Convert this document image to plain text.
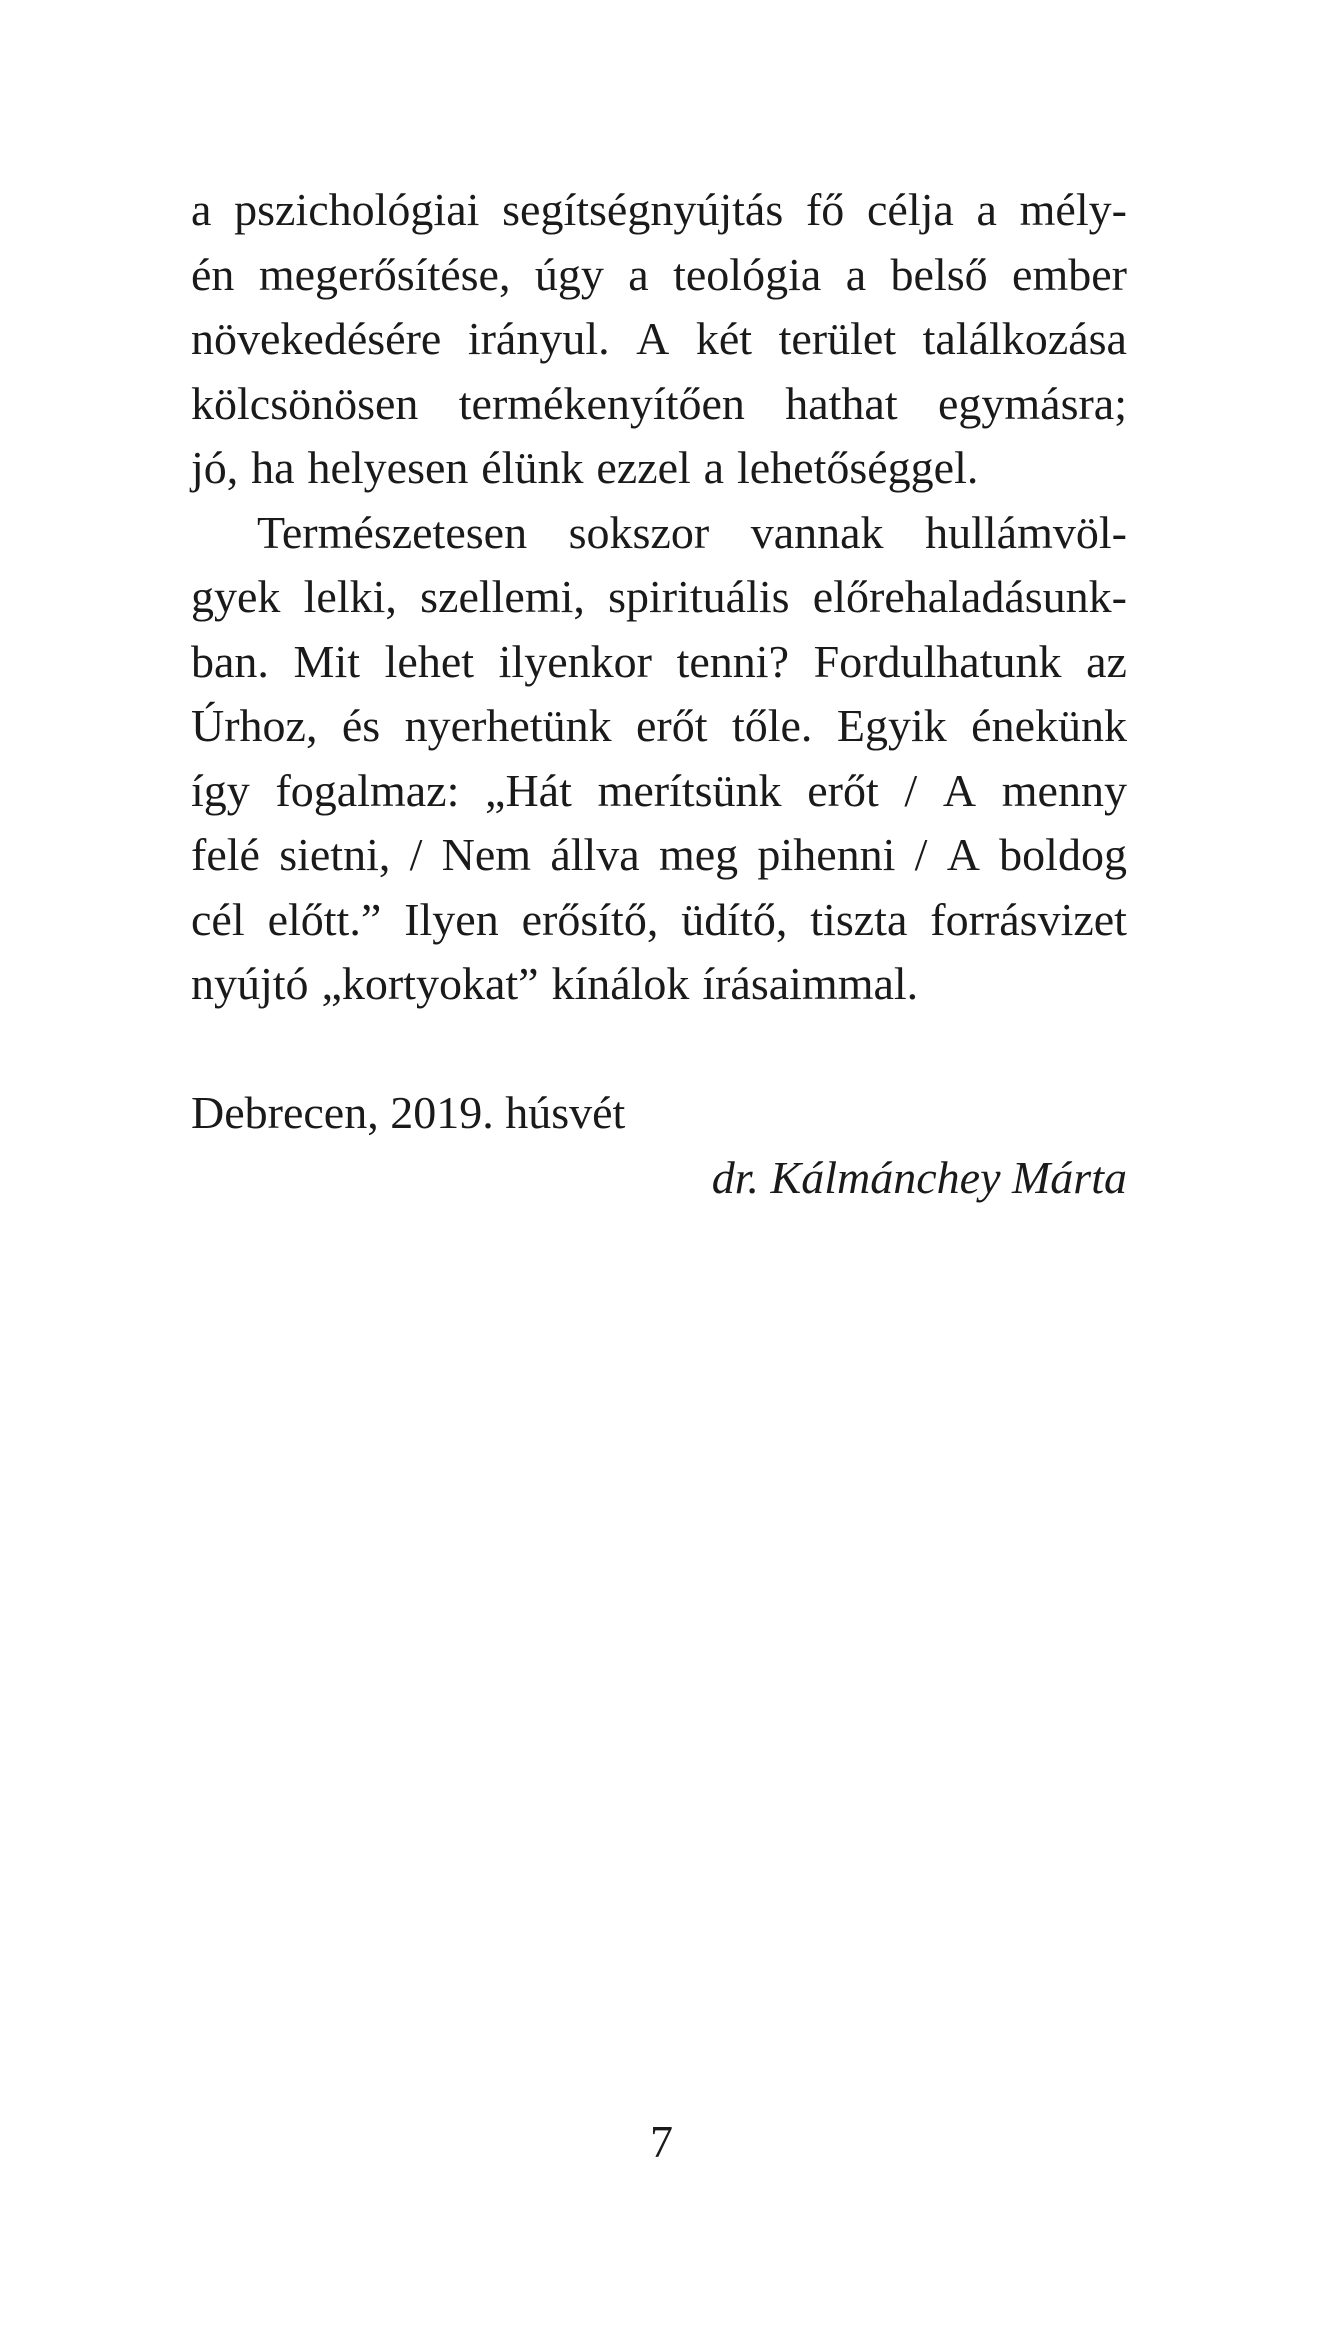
a pszichológiai segítségnyújtás fő célja a mély-
én megerősítése, úgy a teológia a belső ember
növekedésére irányul. A két terület találkozása
kölcsönösen termékenyítően hathat egymásra;
jó, ha helyesen élünk ezzel a lehetőséggel.
Természetesen sokszor vannak hullámvöl-
gyek lelki, szellemi, spirituális előrehaladásunk-
ban. Mit lehet ilyenkor tenni? Fordulhatunk az
Úrhoz, és nyerhetünk erőt tőle. Egyik énekünk
így fogalmaz: „Hát merítsünk erőt / A menny
felé sietni, / Nem állva meg pihenni / A boldog
cél előtt.” Ilyen erősítő, üdítő, tiszta forrásvizet
nyújtó „kortyokat” kínálok írásaimmal.
Debrecen, 2019. húsvét
dr. Kálmánchey Márta
7
